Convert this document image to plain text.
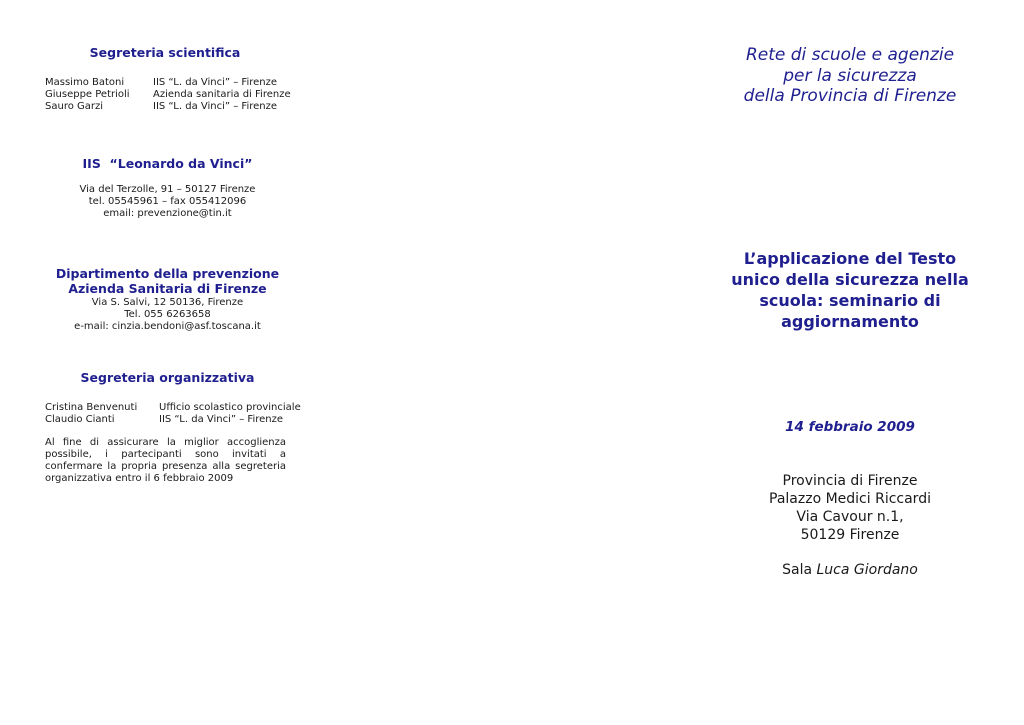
Segreteria scientifica
Massimo Batoni	IIS “L. da Vinci” – Firenze
Giuseppe Petrioli	Azienda sanitaria di Firenze
Sauro Garzi	IIS “L. da Vinci” – Firenze
IIS  “Leonardo da Vinci”
Via del Terzolle, 91 – 50127 Firenze
tel. 05545961 – fax 055412096
email: prevenzione@tin.it
Dipartimento della prevenzione
Azienda Sanitaria di Firenze
Via S. Salvi, 12 50136, Firenze
Tel. 055 6263658
e-mail: cinzia.bendoni@asf.toscana.it
Segreteria organizzativa
Cristina Benvenuti	Ufficio scolastico provinciale
Claudio Cianti	IIS “L. da Vinci” – Firenze
Al fine di assicurare la miglior accoglienza possibile, i partecipanti sono invitati a confermare la propria presenza alla segreteria organizzativa entro il 6 febbraio 2009
Rete di scuole e agenzie
per la sicurezza
della Provincia di Firenze
L’applicazione del Testo
unico della sicurezza nella
scuola: seminario di
aggiornamento
14 febbraio 2009
Provincia di Firenze
Palazzo Medici Riccardi
Via Cavour n.1,
50129 Firenze
Sala Luca Giordano
